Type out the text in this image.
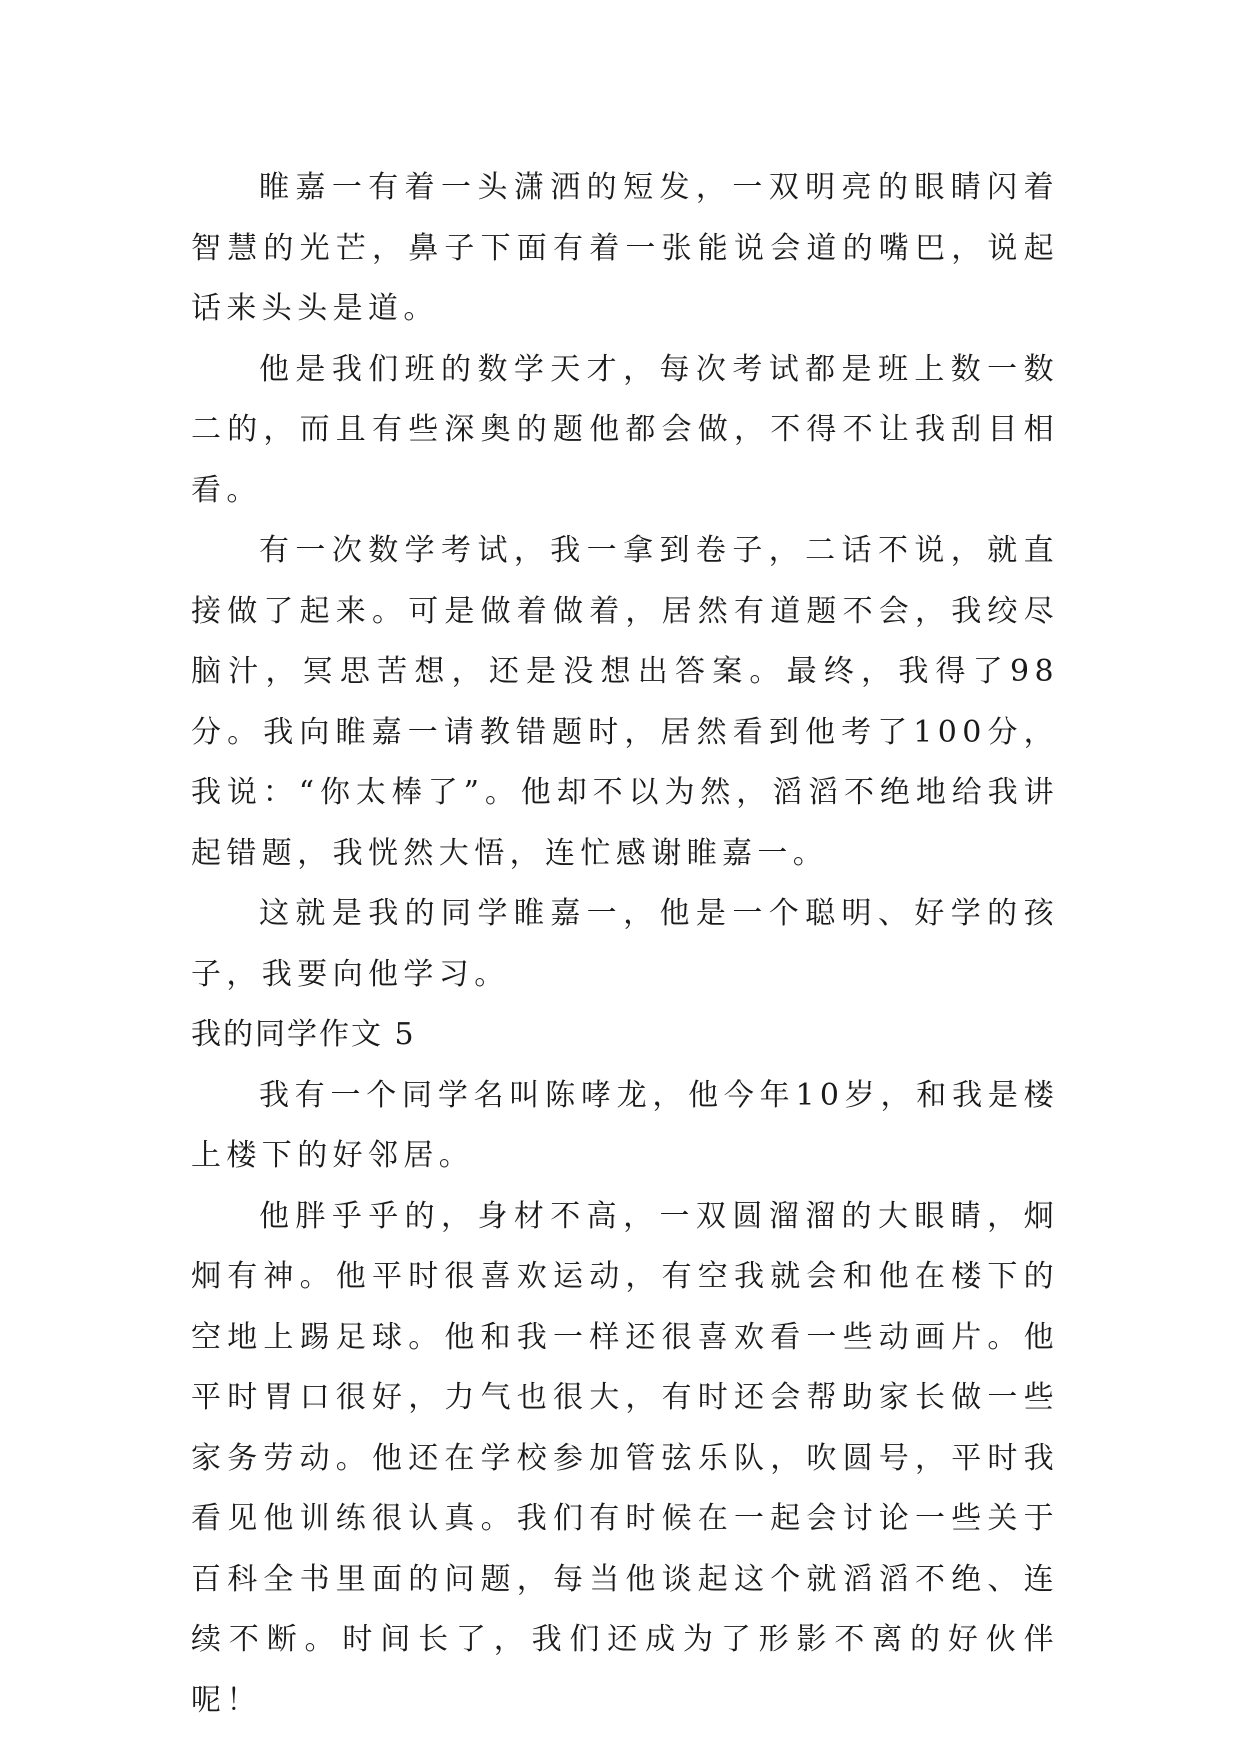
睢嘉一有着一头潇洒的短发，一双明亮的眼睛闪着智慧的光芒，鼻子下面有着一张能说会道的嘴巴，说起话来头头是道。

他是我们班的数学天才，每次考试都是班上数一数二的，而且有些深奥的题他都会做，不得不让我刮目相看。

有一次数学考试，我一拿到卷子，二话不说，就直接做了起来。可是做着做着，居然有道题不会，我绞尽脑汁，冥思苦想，还是没想出答案。最终，我得了98分。我向睢嘉一请教错题时，居然看到他考了100分，我说：“你太棒了”。他却不以为然，滔滔不绝地给我讲起错题，我恍然大悟，连忙感谢睢嘉一。

这就是我的同学睢嘉一，他是一个聪明、好学的孩子，我要向他学习。

我的同学作文 5

我有一个同学名叫陈哮龙，他今年10岁，和我是楼上楼下的好邻居。

他胖乎乎的，身材不高，一双圆溜溜的大眼睛，炯炯有神。他平时很喜欢运动，有空我就会和他在楼下的空地上踢足球。他和我一样还很喜欢看一些动画片。他平时胃口很好，力气也很大，有时还会帮助家长做一些家务劳动。他还在学校参加管弦乐队，吹圆号，平时我看见他训练很认真。我们有时候在一起会讨论一些关于百科全书里面的问题，每当他谈起这个就滔滔不绝、连续不断。时间长了，我们还成为了形影不离的好伙伴呢！
